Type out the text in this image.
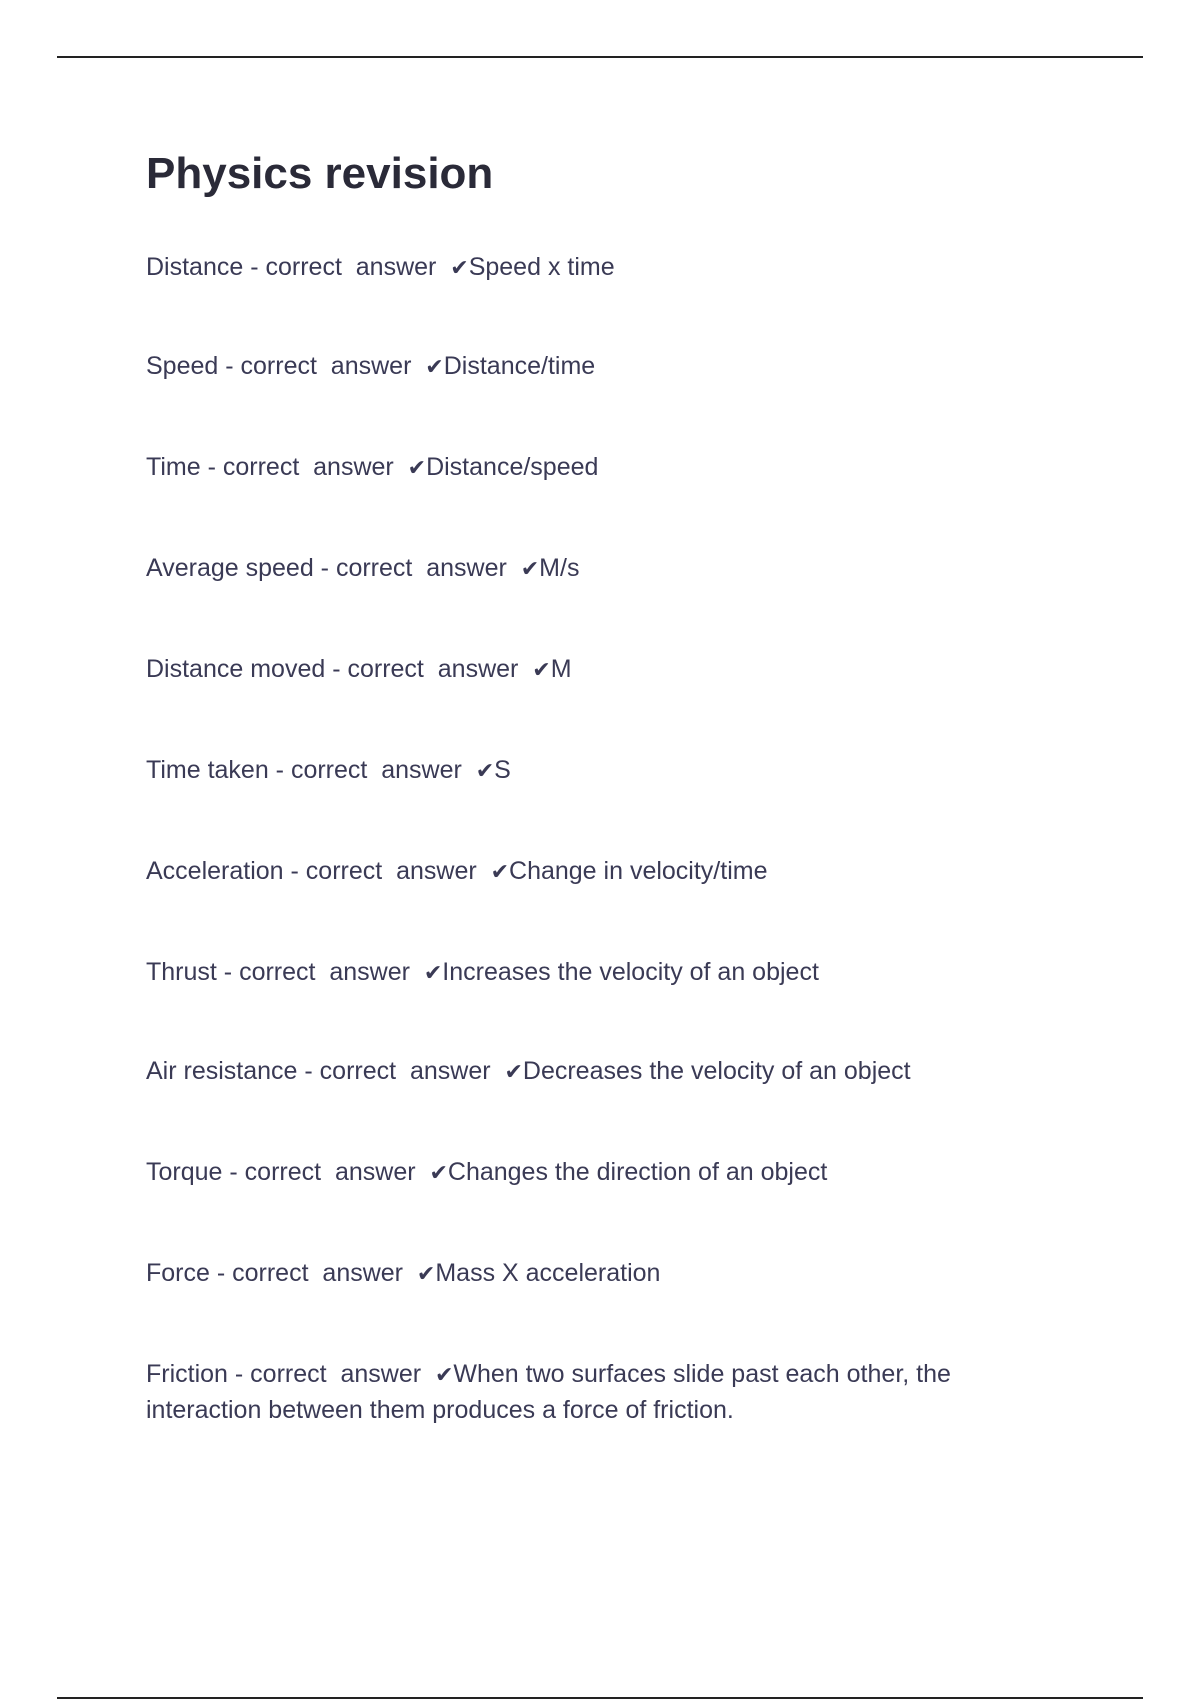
Physics revision
Distance - correct  answer  ✔Speed x time
Speed - correct  answer  ✔Distance/time
Time - correct  answer  ✔Distance/speed
Average speed - correct  answer  ✔M/s
Distance moved - correct  answer  ✔M
Time taken - correct  answer  ✔S
Acceleration - correct  answer  ✔Change in velocity/time
Thrust - correct  answer  ✔Increases the velocity of an object
Air resistance - correct  answer  ✔Decreases the velocity of an object
Torque - correct  answer  ✔Changes the direction of an object
Force - correct  answer  ✔Mass X acceleration
Friction - correct  answer  ✔When two surfaces slide past each other, the interaction between them produces a force of friction.
